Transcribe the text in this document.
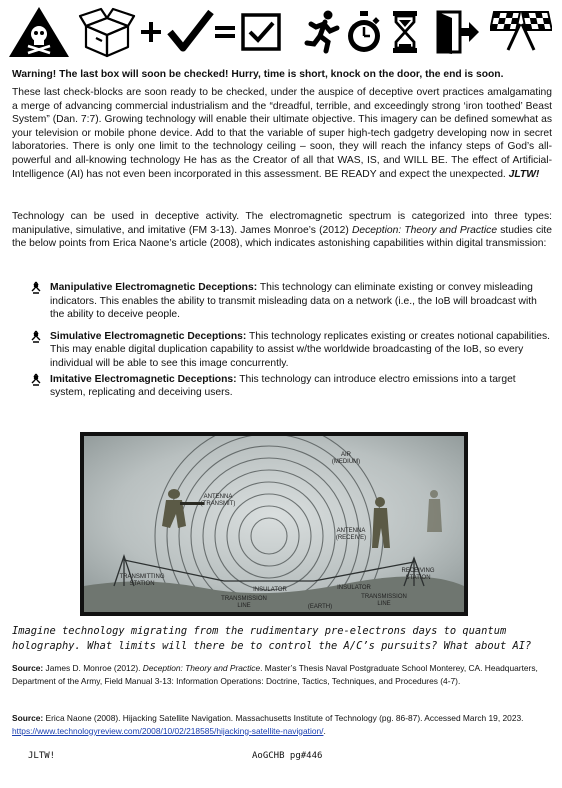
Warning! The last box will soon be checked! Hurry, time is short, knock on the door, the end is soon.
These last check-blocks are soon ready to be checked, under the auspice of deceptive overt practices amalgamating a merge of advancing commercial industrialism and the “dreadful, terrible, and exceedingly strong ‘iron toothed’ Beast System” (Dan. 7:7). Growing technology will enable their ultimate objective. This imagery can be defined somewhat as your television or mobile phone device. Add to that the variable of super high-tech gadgetry developing now in secret laboratories. There is only one limit to the technology ceiling – soon, they will reach the infancy steps of God’s all-powerful and all-knowing technology He has as the Creator of all that WAS, IS, and WILL BE. The effect of Artificial-Intelligence (AI) has not even been incorporated in this assessment. BE READY and expect the unexpected. JLTW!
Technology can be used in deceptive activity. The electromagnetic spectrum is categorized into three types: manipulative, simulative, and imitative (FM 3-13). James Monroe’s (2012) Deception: Theory and Practice studies cite the below points from Erica Naone’s article (2008), which indicates astonishing capabilities within digital transmission:
Manipulative Electromagnetic Deceptions: This technology can eliminate existing or convey misleading indicators. This enables the ability to transmit misleading data on a network (i.e., the IoB will broadcast with the ability to deceive people.
Simulative Electromagnetic Deceptions: This technology replicates existing or creates notional capabilities. This may enable digital duplication capability to assist w/the worldwide broadcasting of the IoB, so every individual will be able to see this image concurrently.
Imitative Electromagnetic Deceptions: This technology can introduce electro emissions into a target system, replicating and deceiving users.
AIR
(MEDIUM)
ANTENNA
(TRANSMIT)
ANTENNA
(RECEIVE)
TRANSMITTING
STATION
RECEIVING
STATION
INSULATOR	INSULATOR
TRANSMISSION
LINE
TRANSMISSION
LINE
(EARTH)
Imagine technology migrating from the rudimentary pre-electrons days to quantum holography. What limits will there be to control the A/C’s pursuits? What about AI?
Source: James D. Monroe (2012). Deception: Theory and Practice. Master’s Thesis Naval Postgraduate School Monterey, CA. Headquarters, Department of the Army, Field Manual 3-13: Information Operations: Doctrine, Tactics, Techniques, and Procedures (4-7).
Source: Erica Naone (2008). Hijacking Satellite Navigation. Massachusetts Institute of Technology (pg. 86-87). Accessed March 19, 2023. https://www.technologyreview.com/2008/10/02/218585/hijacking-satellite-navigation/.
JLTW!	AoGCHB pg#446
